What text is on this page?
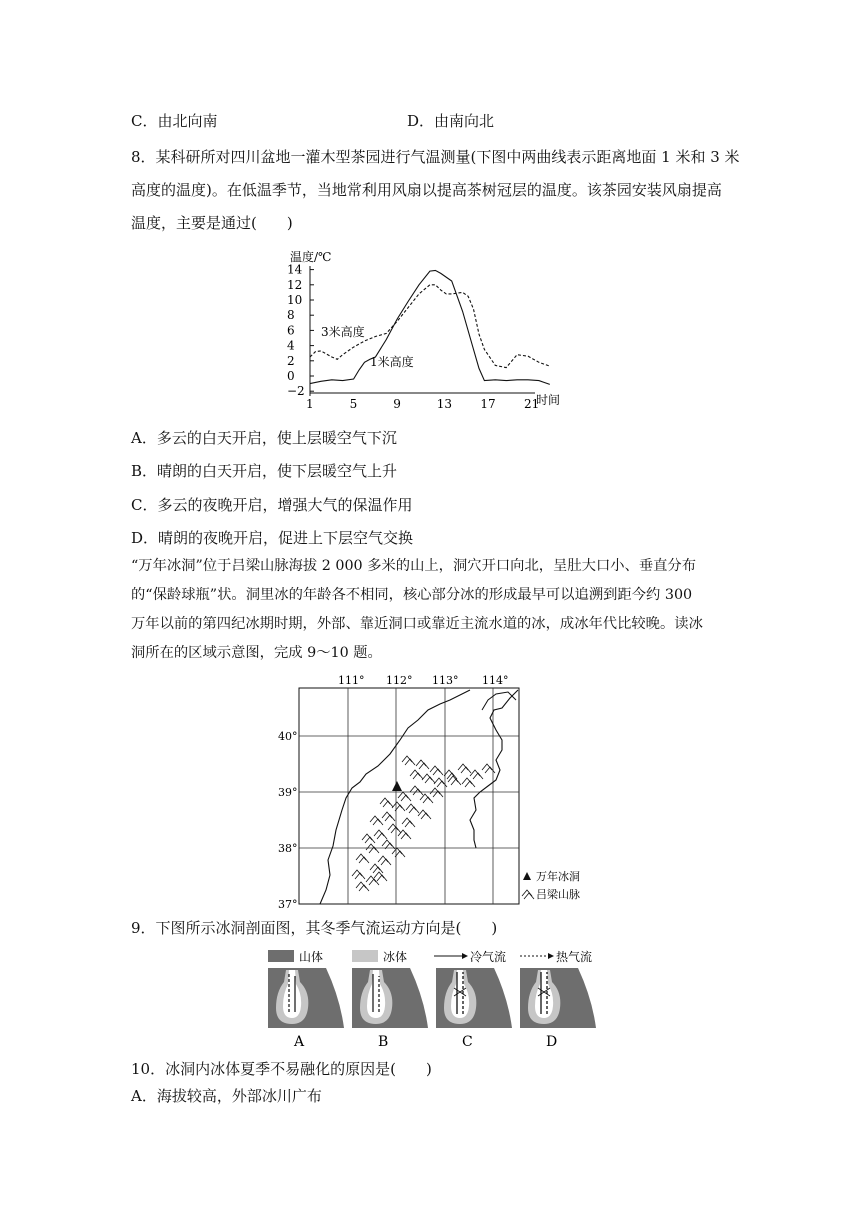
C．由北向南	D．由南向北
8．某科研所对四川盆地一灌木型茶园进行气温测量(下图中两曲线表示距离地面 1 米和 3 米
高度的温度)。在低温季节，当地常利用风扇以提高茶树冠层的温度。该茶园安装风扇提高
温度，主要是通过(　　)
温度/℃
时间
14
12
10
8
6
4
2
0
−2
1	5	9	13 17 21
3米高度
1米高度
A．多云的白天开启，使上层暖空气下沉
B．晴朗的白天开启，使下层暖空气上升
C．多云的夜晚开启，增强大气的保温作用
D．晴朗的夜晚开启，促进上下层空气交换
“万年冰洞”位于吕梁山脉海拔 2 000 多米的山上，洞穴开口向北，呈肚大口小、垂直分布
的“保龄球瓶”状。洞里冰的年龄各不相同，核心部分冰的形成最早可以追溯到距今约 300
万年以前的第四纪冰期时期，外部、靠近洞口或靠近主流水道的冰，成冰年代比较晚。读冰
洞所在的区域示意图，完成 9～10 题。
111° 112° 113° 114°
40°
39°
38°
37°
万年冰洞
吕梁山脉
9．下图所示冰洞剖面图，其冬季气流运动方向是(　　)
山体	冰体	冷气流	热气流
A	B	C	D
10．冰洞内冰体夏季不易融化的原因是(　　)
A．海拔较高，外部冰川广布
